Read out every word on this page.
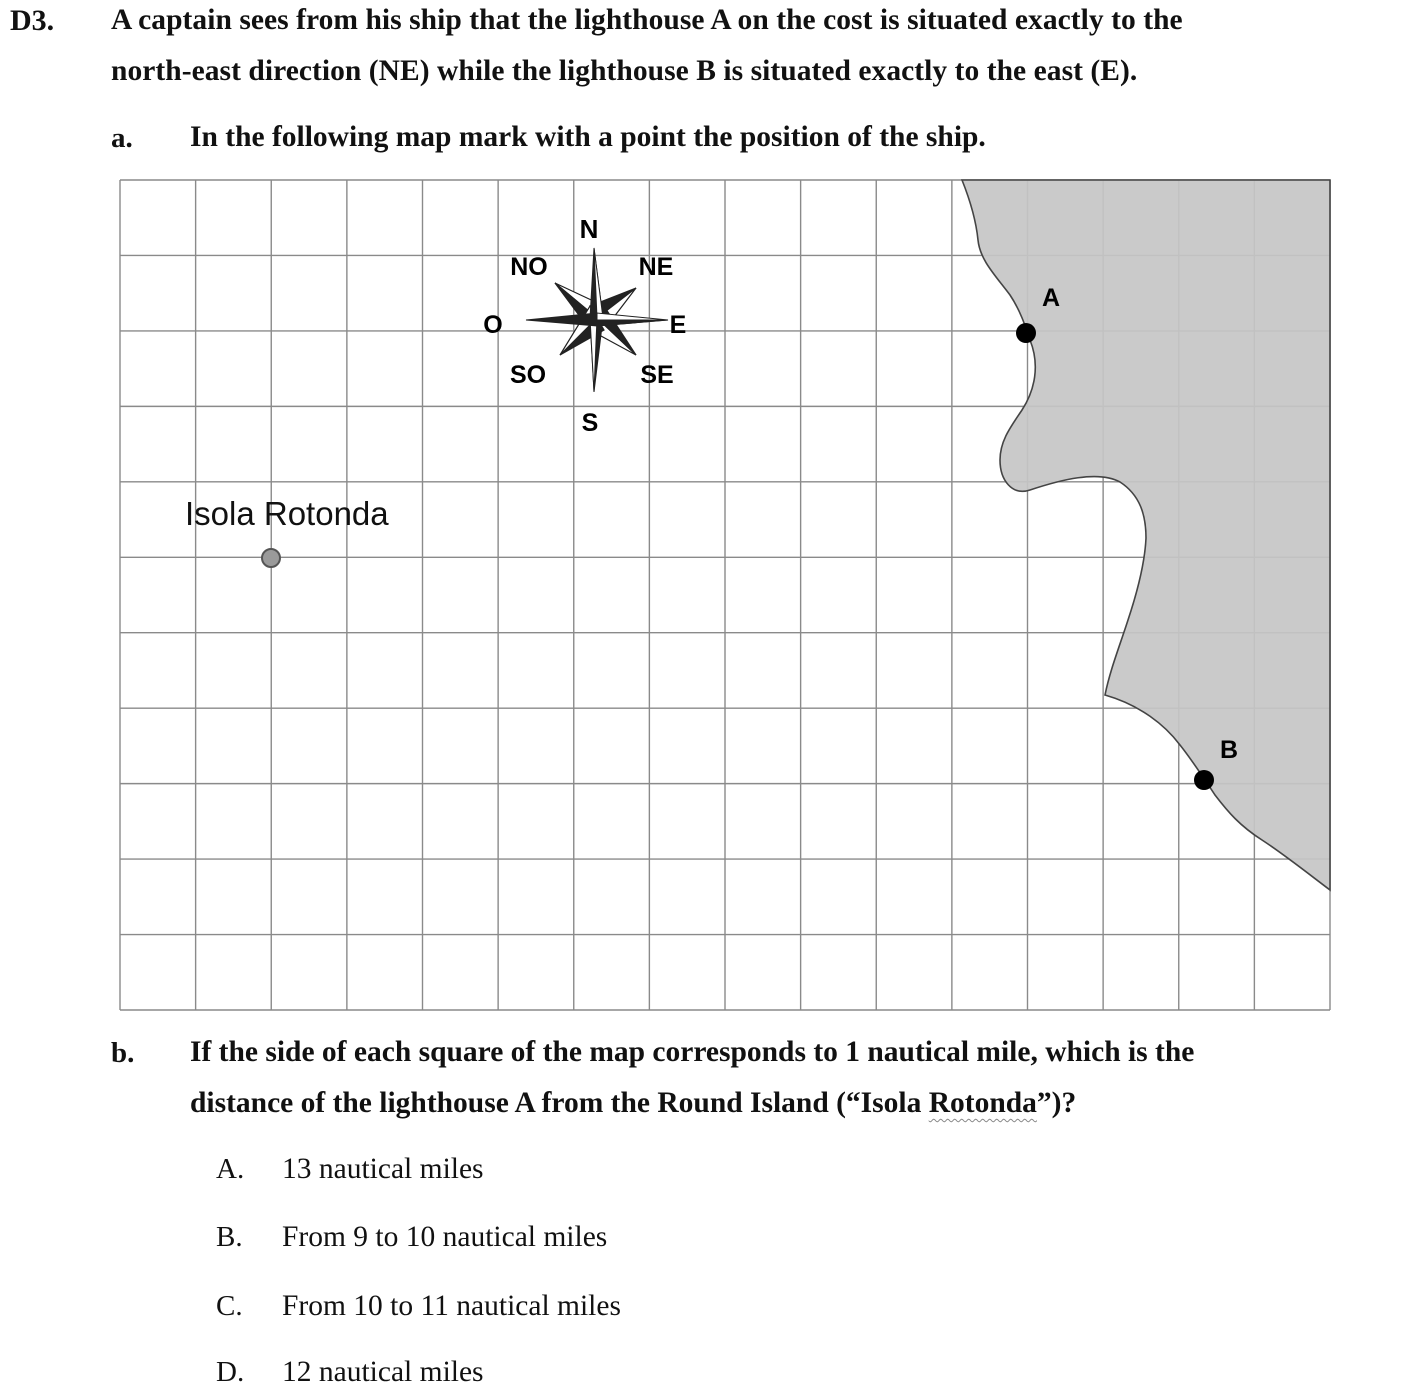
D3. A captain sees from his ship that the lighthouse A on the cost is situated exactly to the
north-east direction (NE) while the lighthouse B is situated exactly to the east (E).
a. In the following map mark with a point the position of the ship.
N
NO	NE
O	E
SO	SE
S
Isola Rotonda
A
B
b. If the side of each square of the map corresponds to 1 nautical mile, which is the
distance of the lighthouse A from the Round Island (“Isola Rotonda”)?
A. 13 nautical miles
B. From 9 to 10 nautical miles
C. From 10 to 11 nautical miles
D. 12 nautical miles
